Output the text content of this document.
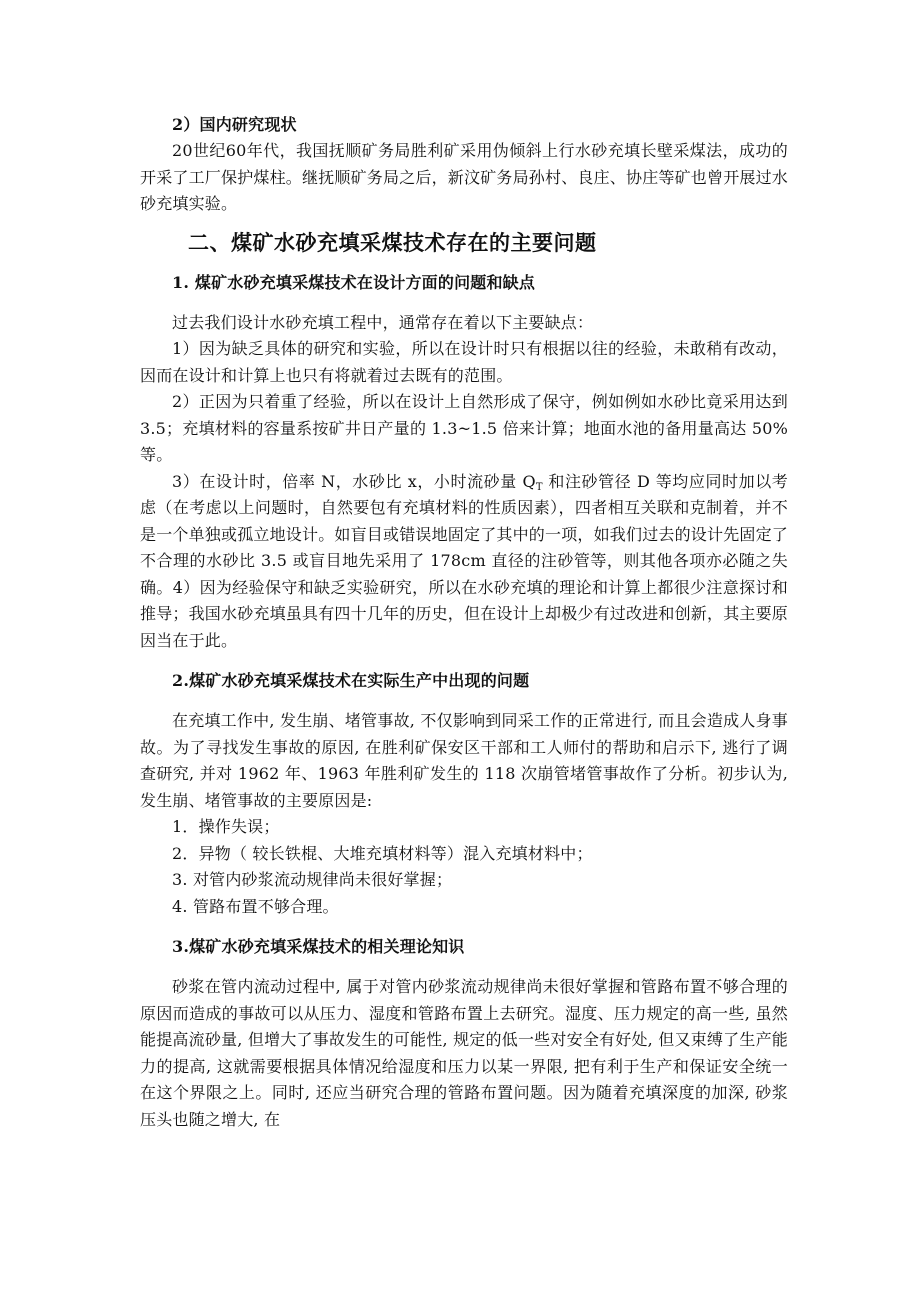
2）国内研究现状

20世纪60年代，我国抚顺矿务局胜利矿采用伪倾斜上行水砂充填长壁采煤法，成功的开采了工厂保护煤柱。继抚顺矿务局之后，新汶矿务局孙村、良庄、协庄等矿也曾开展过水砂充填实验。

二、煤矿水砂充填采煤技术存在的主要问题

1. 煤矿水砂充填采煤技术在设计方面的问题和缺点

过去我们设计水砂充填工程中，通常存在着以下主要缺点：

1）因为缺乏具体的研究和实验，所以在设计时只有根据以往的经验，未敢稍有改动，因而在设计和计算上也只有将就着过去既有的范围。

2）正因为只着重了经验，所以在设计上自然形成了保守，例如例如水砂比竟采用达到 3.5；充填材料的容量系按矿井日产量的 1.3~1.5 倍来计算；地面水池的备用量高达 50%等。

3）在设计时，倍率 N，水砂比 x，小时流砂量 $Q_T$ 和注砂管径 D 等均应同时加以考虑（在考虑以上问题时，自然要包有充填材料的性质因素），四者相互关联和克制着，并不是一个单独或孤立地设计。如盲目或错误地固定了其中的一项，如我们过去的设计先固定了不合理的水砂比 3.5 或盲目地先采用了 178cm 直径的注砂管等，则其他各项亦必随之失确。4）因为经验保守和缺乏实验研究，所以在水砂充填的理论和计算上都很少注意探讨和推导；我国水砂充填虽具有四十几年的历史，但在设计上却极少有过改进和创新，其主要原因当在于此。

2.煤矿水砂充填采煤技术在实际生产中出现的问题

在充填工作中, 发生崩、堵管事故, 不仅影响到同采工作的正常进行, 而且会造成人身事故。为了寻找发生事故的原因, 在胜利矿保安区干部和工人师付的帮助和启示下, 逃行了调查研究, 并对 1962 年、1963 年胜利矿发生的 118 次崩管堵管事故作了分析。初步认为, 发生崩、堵管事故的主要原因是:

1．操作失误；

2．异物（ 较长铁棍、大堆充填材料等）混入充填材料中；

3. 对管内砂浆流动规律尚未很好掌握；

4. 管路布置不够合理。

3.煤矿水砂充填采煤技术的相关理论知识

砂浆在管内流动过程中, 属于对管内砂浆流动规律尚未很好掌握和管路布置不够合理的原因而造成的事故可以从压力、湿度和管路布置上去研究。湿度、压力规定的高一些, 虽然能提高流砂量, 但增大了事故发生的可能性, 规定的低一些对安全有好处, 但又束缚了生产能力的提高, 这就需要根据具体情况给湿度和压力以某一界限, 把有利于生产和保证安全统一在这个界限之上。同时, 还应当研究合理的管路布置问题。因为随着充填深度的加深, 砂浆压头也随之增大, 在
